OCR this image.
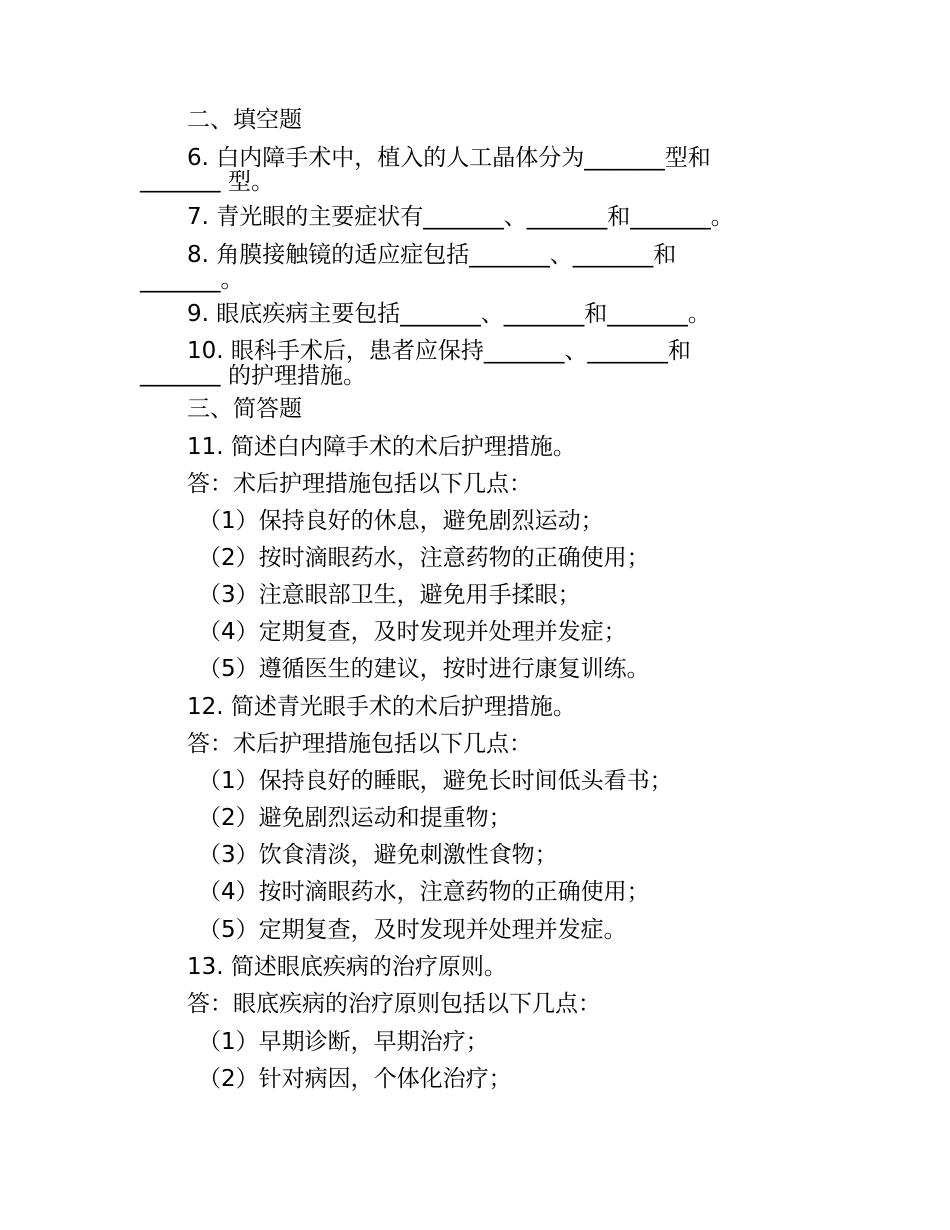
二、填空题
6. 白内障手术中，植入的人工晶体分为_______型和
_______ 型。
7. 青光眼的主要症状有_______、_______和_______。
8. 角膜接触镜的适应症包括_______、_______和
_______。
9. 眼底疾病主要包括_______、_______和_______。
10. 眼科手术后，患者应保持_______、_______和
_______ 的护理措施。
三、简答题
11. 简述白内障手术的术后护理措施。
答：术后护理措施包括以下几点：
（1）保持良好的休息，避免剧烈运动；
（2）按时滴眼药水，注意药物的正确使用；
（3）注意眼部卫生，避免用手揉眼；
（4）定期复查，及时发现并处理并发症；
（5）遵循医生的建议，按时进行康复训练。
12. 简述青光眼手术的术后护理措施。
答：术后护理措施包括以下几点：
（1）保持良好的睡眠，避免长时间低头看书；
（2）避免剧烈运动和提重物；
（3）饮食清淡，避免刺激性食物；
（4）按时滴眼药水，注意药物的正确使用；
（5）定期复查，及时发现并处理并发症。
13. 简述眼底疾病的治疗原则。
答：眼底疾病的治疗原则包括以下几点：
（1）早期诊断，早期治疗；
（2）针对病因，个体化治疗；
